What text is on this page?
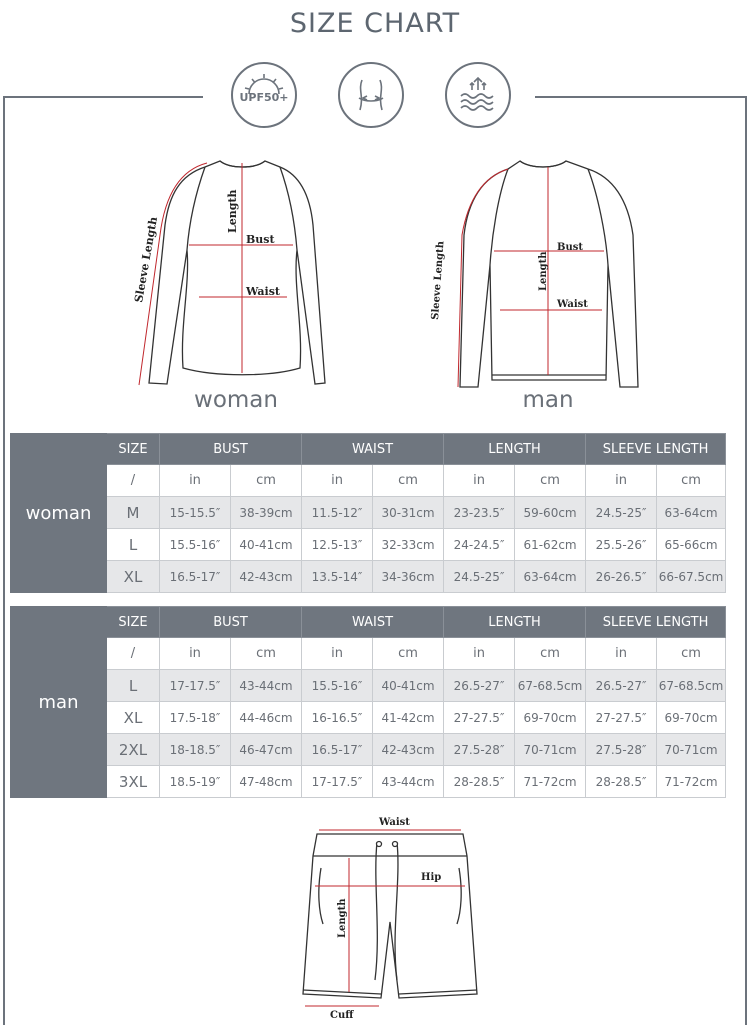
SIZE CHART
UPF50+
Length
Bust
Waist
Sleeve Length
woman
Bust
Length
Waist
Sleeve Length
man
woman	SIZE	BUST		WAIST		LENGTH		SLEEVE LENGTH	
	/	in	cm	in	cm	in	cm	in	cm
	M	15-15.5″	38-39cm	11.5-12″	30-31cm	23-23.5″	59-60cm	24.5-25″	63-64cm
	L	15.5-16″	40-41cm	12.5-13″	32-33cm	24-24.5″	61-62cm	25.5-26″	65-66cm
	XL	16.5-17″	42-43cm	13.5-14″	34-36cm	24.5-25″	63-64cm	26-26.5″	66-67.5cm
man	SIZE	BUST		WAIST		LENGTH		SLEEVE LENGTH	
	/	in	cm	in	cm	in	cm	in	cm
	L	17-17.5″	43-44cm	15.5-16″	40-41cm	26.5-27″	67-68.5cm	26.5-27″	67-68.5cm
	XL	17.5-18″	44-46cm	16-16.5″	41-42cm	27-27.5″	69-70cm	27-27.5″	69-70cm
	2XL	18-18.5″	46-47cm	16.5-17″	42-43cm	27.5-28″	70-71cm	27.5-28″	70-71cm
	3XL	18.5-19″	47-48cm	17-17.5″	43-44cm	28-28.5″	71-72cm	28-28.5″	71-72cm
Waist
Hip
Length
Cuff
